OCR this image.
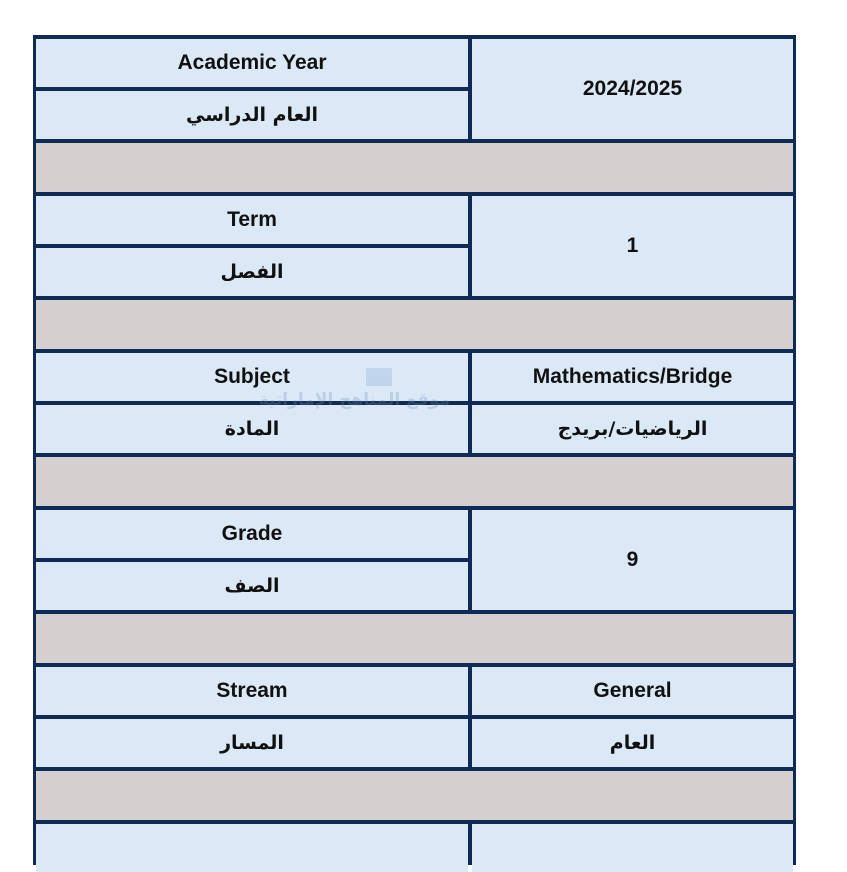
Academic Year
العام الدراسي
2024/2025
Term
الفصل
1
Subject
المادة
Mathematics/Bridge
الرياضيات/بريدج
Grade
الصف
9
Stream
المسار
General
العام
موقع المناهج الإماراتية
